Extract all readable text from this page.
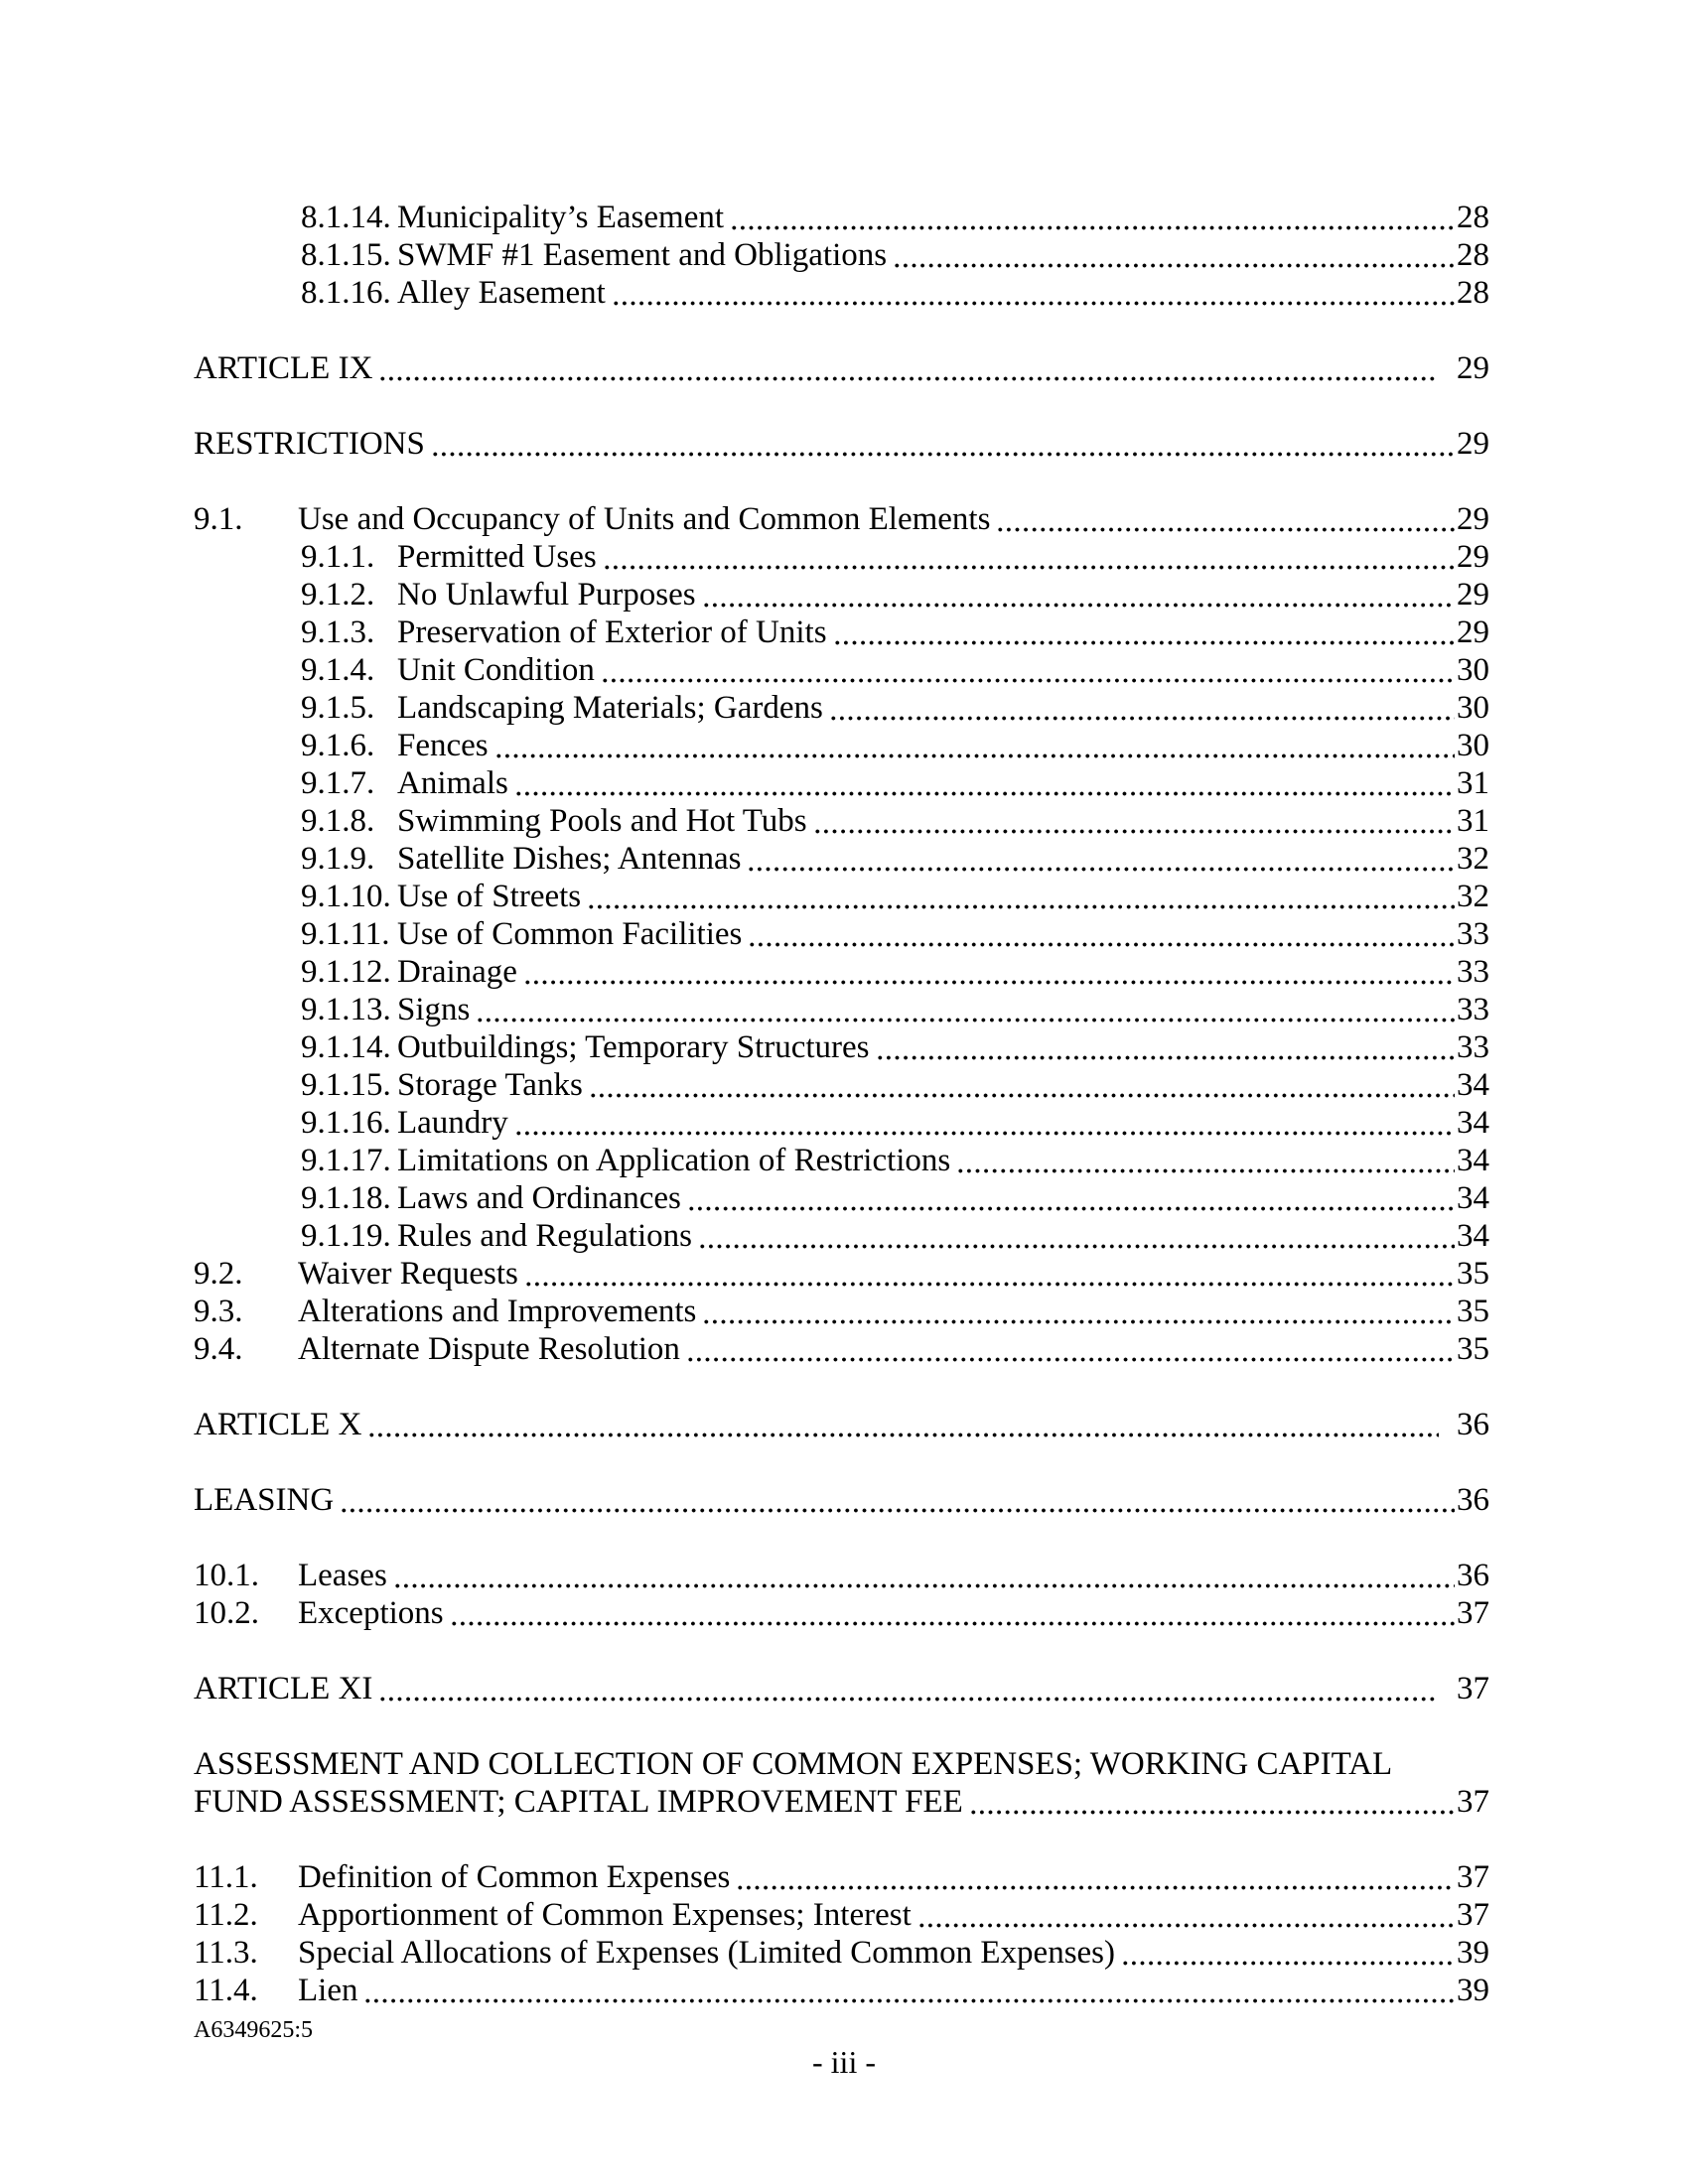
8.1.14. Municipality’s Easement	28
8.1.15. SWMF #1 Easement and Obligations	28
8.1.16. Alley Easement	28
ARTICLE IX	29
RESTRICTIONS	29
9.1.	Use and Occupancy of Units and Common Elements	29
9.1.1. Permitted Uses	29
9.1.2. No Unlawful Purposes	29
9.1.3. Preservation of Exterior of Units	29
9.1.4. Unit Condition	30
9.1.5. Landscaping Materials; Gardens	30
9.1.6. Fences	30
9.1.7. Animals	31
9.1.8. Swimming Pools and Hot Tubs	31
9.1.9. Satellite Dishes; Antennas	32
9.1.10. Use of Streets	32
9.1.11. Use of Common Facilities	33
9.1.12. Drainage	33
9.1.13. Signs	33
9.1.14. Outbuildings; Temporary Structures	33
9.1.15. Storage Tanks	34
9.1.16. Laundry	34
9.1.17. Limitations on Application of Restrictions	34
9.1.18. Laws and Ordinances	34
9.1.19. Rules and Regulations	34
9.2.	Waiver Requests	35
9.3.	Alterations and Improvements	35
9.4.	Alternate Dispute Resolution	35
ARTICLE X	36
LEASING	36
10.1.	Leases	36
10.2.	Exceptions	37
ARTICLE XI	37
ASSESSMENT AND COLLECTION OF COMMON EXPENSES; WORKING CAPITAL
FUND ASSESSMENT; CAPITAL IMPROVEMENT FEE	37
11.1.	Definition of Common Expenses	37
11.2.	Apportionment of Common Expenses; Interest	37
11.3.	Special Allocations of Expenses (Limited Common Expenses)	39
11.4.	Lien	39
A6349625:5
- iii -
